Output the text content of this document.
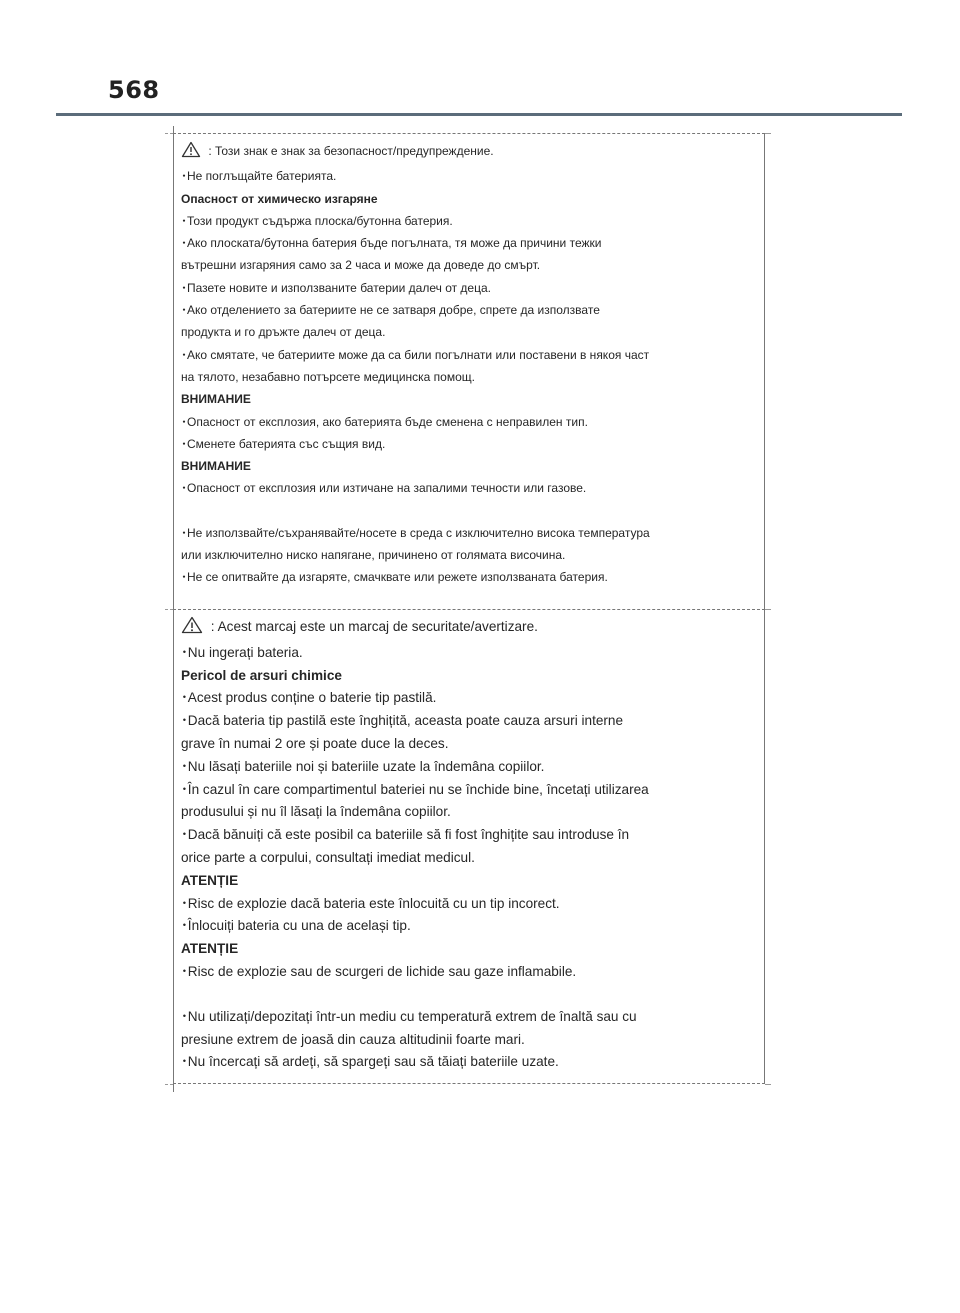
568
: Този знак е знак за безопасност/предупреждение.
･Не поглъщайте батерията.
Опасност от химическо изгаряне
･Този продукт съдържа плоска/бутонна батерия.
･Ако плоската/бутонна батерия бъде погълната, тя може да причини тежки
вътрешни изгаряния само за 2 часа и може да доведе до смърт.
･Пазете новите и използваните батерии далеч от деца.
･Ако отделението за батериите не се затваря добре, спрете да използвате
продукта и го дръжте далеч от деца.
･Ако смятате, че батериите може да са били погълнати или поставени в някоя част
на тялото, незабавно потърсете медицинска помощ.
ВНИМАНИЕ
･Опасност от експлозия, ако батерията бъде сменена с неправилен тип.
･Сменете батерията със същия вид.
ВНИМАНИЕ
･Опасност от експлозия или изтичане на запалими течности или газове.
･Не използвайте/съхранявайте/носете в среда с изключително висока температура
или изключително ниско напягане, причинено от голямата височина.
･Не се опитвайте да изгаряте, смачквате или режете използваната батерия.
: Acest marcaj este un marcaj de securitate/avertizare.
･Nu ingerați bateria.
Pericol de arsuri chimice
･Acest produs conține o baterie tip pastilă.
･Dacă bateria tip pastilă este înghițită, aceasta poate cauza arsuri interne
grave în numai 2 ore și poate duce la deces.
･Nu lăsați bateriile noi și bateriile uzate la îndemâna copiilor.
･În cazul în care compartimentul bateriei nu se închide bine, încetați utilizarea
produsului și nu îl lăsați la îndemâna copiilor.
･Dacă bănuiți că este posibil ca bateriile să fi fost înghițite sau introduse în
orice parte a corpului, consultați imediat medicul.
ATENȚIE
･Risc de explozie dacă bateria este înlocuită cu un tip incorect.
･Înlocuiți bateria cu una de același tip.
ATENȚIE
･Risc de explozie sau de scurgeri de lichide sau gaze inflamabile.
･Nu utilizați/depozitați într-un mediu cu temperatură extrem de înaltă sau cu
presiune extrem de joasă din cauza altitudinii foarte mari.
･Nu încercați să ardeți, să spargeți sau să tăiați bateriile uzate.
